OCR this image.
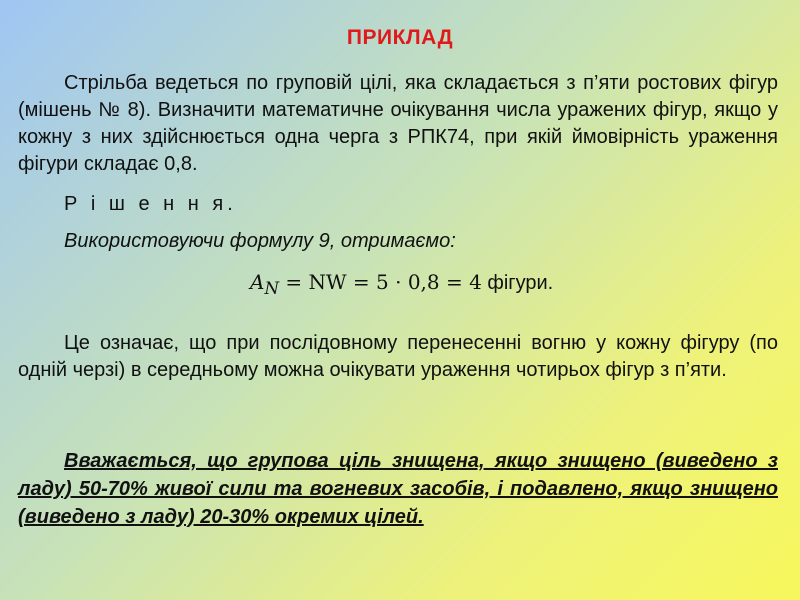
ПРИКЛАД
Стрільба ведеться по груповій цілі, яка складається з п’яти ростових фігур (мішень № 8). Визначити математичне очікування числа уражених фігур, якщо у кожну з них здійснюється одна черга з РПК74, при якій ймовірність ураження фігури складає 0,8.
Р і ш е н н я.
Використовуючи формулу 9, отримаємо:
$A_N$ = NW = 5 · 0,8 = 4 фігури.
Це означає, що при послідовному перенесенні вогню у кожну фігуру (по одній черзі) в середньому можна очікувати ураження чотирьох фігур з п’яти.
Вважається, що групова ціль знищена, якщо знищено (виведено з ладу) 50-70% живої сили та вогневих засобів, і подавлено, якщо знищено (виведено з ладу) 20-30% окремих цілей.
